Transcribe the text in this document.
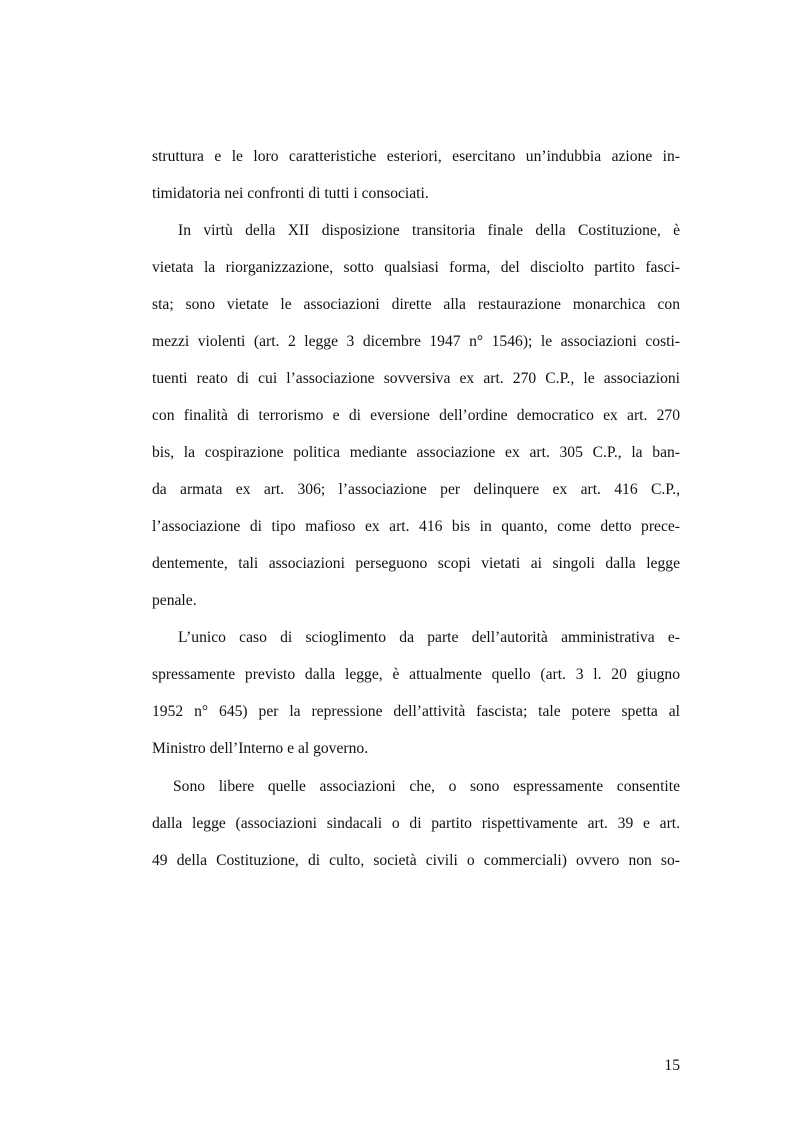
struttura e le loro caratteristiche esteriori, esercitano un’indubbia azione in-
timidatoria nei confronti di tutti i consociati.
In virtù della XII disposizione transitoria finale della Costituzione, è
vietata la riorganizzazione, sotto qualsiasi forma, del disciolto partito fasci-
sta; sono vietate le associazioni dirette alla restaurazione monarchica con
mezzi violenti (art. 2 legge 3 dicembre 1947 n° 1546); le associazioni costi-
tuenti reato di cui l’associazione sovversiva ex art. 270 C.P., le associazioni
con finalità di terrorismo e di eversione dell’ordine democratico ex art. 270
bis, la cospirazione politica mediante associazione ex art. 305 C.P., la ban-
da armata ex art. 306; l’associazione per delinquere ex art. 416 C.P.,
l’associazione di tipo mafioso ex art. 416 bis in quanto, come detto prece-
dentemente, tali associazioni perseguono scopi vietati ai singoli dalla legge
penale.
L’unico caso di scioglimento da parte dell’autorità amministrativa e-
spressamente previsto dalla legge, è attualmente quello (art. 3 l. 20 giugno
1952 n° 645) per la repressione dell’attività fascista; tale potere spetta al
Ministro dell’Interno e al governo.
Sono libere quelle associazioni che, o sono espressamente consentite
dalla legge (associazioni sindacali o di partito rispettivamente art. 39 e art.
49 della Costituzione, di culto, società civili o commerciali) ovvero non so-
15
